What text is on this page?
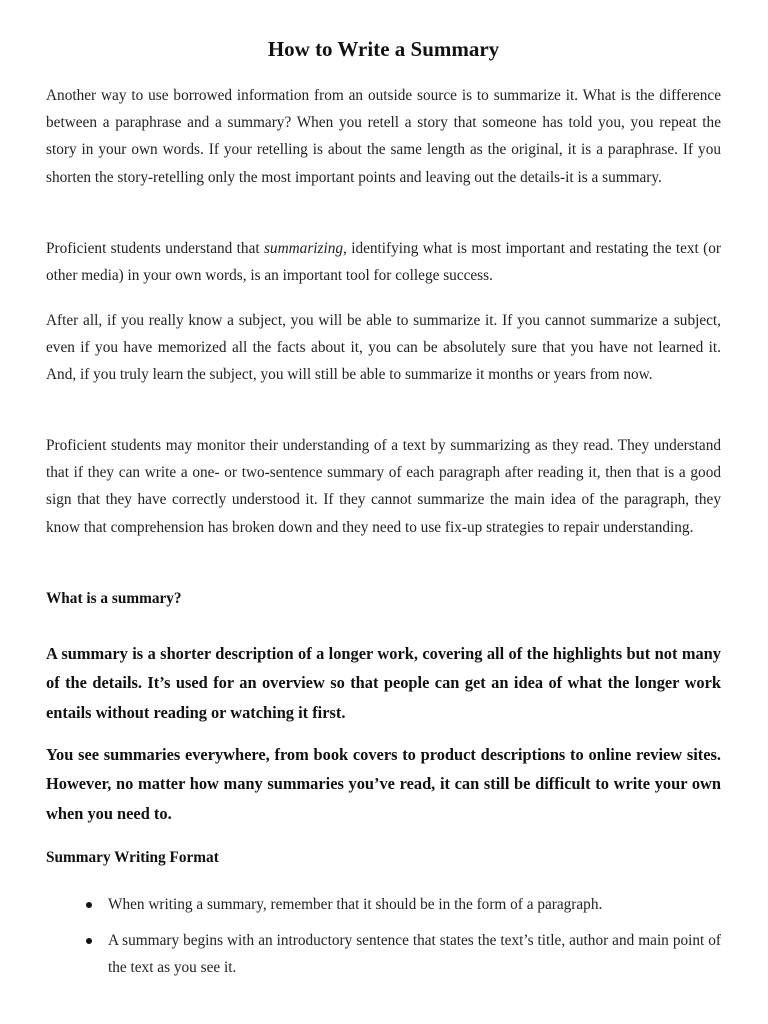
How to Write a Summary

Another way to use borrowed information from an outside source is to summarize it. What is the difference between a paraphrase and a summary? When you retell a story that someone has told you, you repeat the story in your own words. If your retelling is about the same length as the original, it is a paraphrase. If you shorten the story-retelling only the most important points and leaving out the details-it is a summary.

Proficient students understand that summarizing, identifying what is most important and restating the text (or other media) in your own words, is an important tool for college success.

After all, if you really know a subject, you will be able to summarize it. If you cannot summarize a subject, even if you have memorized all the facts about it, you can be absolutely sure that you have not learned it. And, if you truly learn the subject, you will still be able to summarize it months or years from now.

Proficient students may monitor their understanding of a text by summarizing as they read. They understand that if they can write a one- or two-sentence summary of each paragraph after reading it, then that is a good sign that they have correctly understood it. If they cannot summarize the main idea of the paragraph, they know that comprehension has broken down and they need to use fix-up strategies to repair understanding.

What is a summary?

A summary is a shorter description of a longer work, covering all of the highlights but not many of the details. It’s used for an overview so that people can get an idea of what the longer work entails without reading or watching it first.

You see summaries everywhere, from book covers to product descriptions to online review sites. However, no matter how many summaries you’ve read, it can still be difficult to write your own when you need to.

Summary Writing Format

When writing a summary, remember that it should be in the form of a paragraph.

A summary begins with an introductory sentence that states the text’s title, author and main point of the text as you see it.
